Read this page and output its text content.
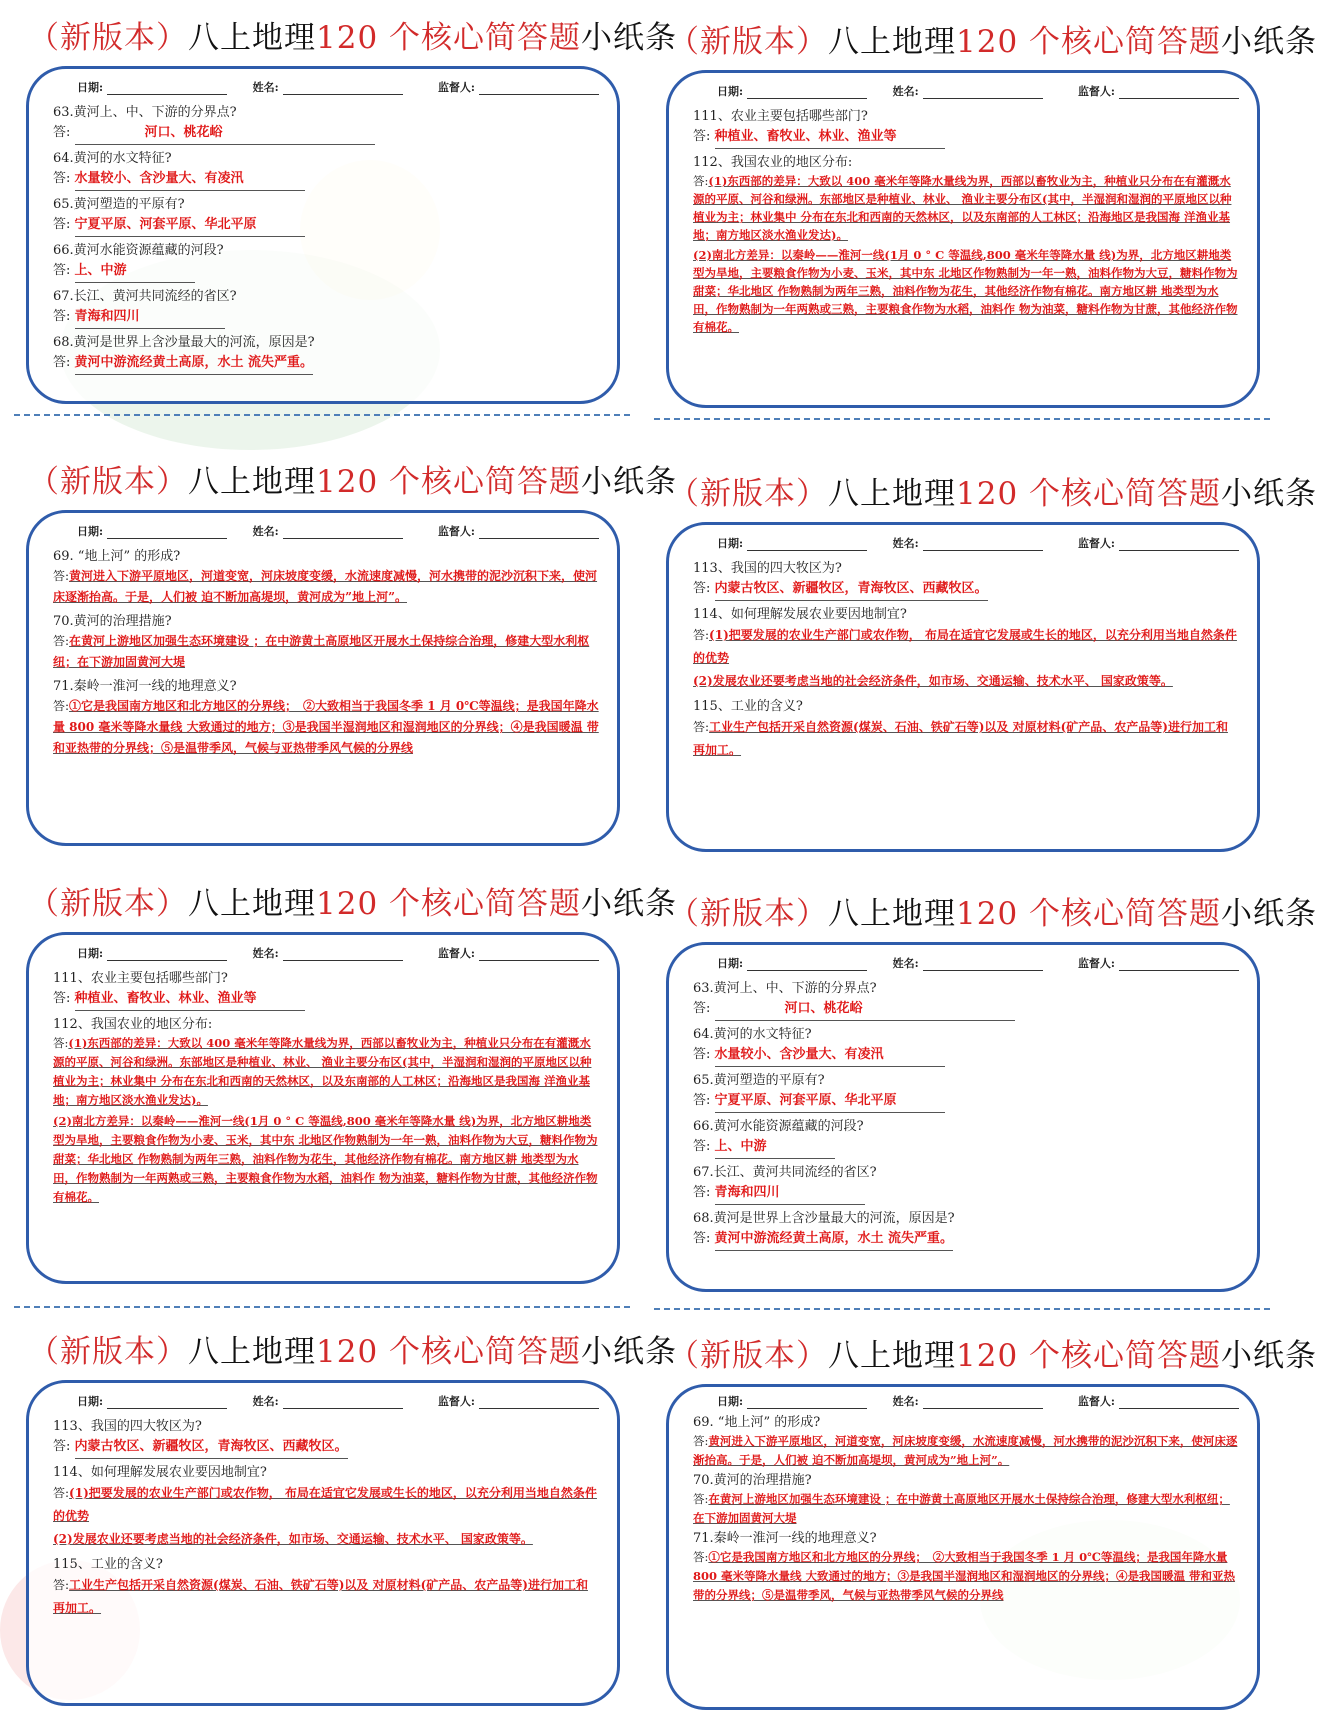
（新版本）八上地理120 个核心简答题小纸条
日期:	姓名:	监督人:
63.黄河上、中、下游的分界点?
答:	河口、桃花峪
64.黄河的水文特征?
答: 水量较小、含沙量大、有凌汛
65.黄河塑造的平原有?
答: 宁夏平原、河套平原、华北平原
66.黄河水能资源蕴藏的河段?
答: 上、中游
67.长江、黄河共同流经的省区?
答: 青海和四川
68.黄河是世界上含沙量最大的河流，原因是?
答: 黄河中游流经黄土高原，水土 流失严重。
（新版本）八上地理120 个核心简答题小纸条
日期:	姓名:	监督人:
111、农业主要包括哪些部门?
答: 种植业、畜牧业、林业、渔业等
112、我国农业的地区分布:
答:(1)东西部的差异：大致以 400 毫米年等降水量线为界，西部以畜牧业为主，种植业只分布在有灌溉水源的平原、河谷和绿洲。东部地区是种植业、林业、 渔业主要分布区(其中，半湿润和湿润的平原地区以种植业为主；林业集中 分布在东北和西南的天然林区，以及东南部的人工林区；沿海地区是我国海 洋渔业基地；南方地区淡水渔业发达)。
(2)南北方差异：以秦岭——淮河一线(1月 0 ° C 等温线,800 毫米年等降水量 线)为界，北方地区耕地类型为旱地，主要粮食作物为小麦、玉米，其中东 北地区作物熟制为一年一熟，油料作物为大豆，糖料作物为甜菜；华北地区 作物熟制为两年三熟，油料作物为花生，其他经济作物有棉花。南方地区耕 地类型为水田，作物熟制为一年两熟或三熟，主要粮食作物为水稻，油料作 物为油菜，糖料作物为甘蔗，其他经济作物有棉花。
（新版本）八上地理120 个核心简答题小纸条
日期:	姓名:	监督人:
69. “地上河” 的形成?
答:黄河进入下游平原地区，河道变宽，河床坡度变缓，水流速度减慢，河水携带的泥沙沉积下来，使河床逐渐抬高。于是，人们被 迫不断加高堤坝，黄河成为”地上河”。
70.黄河的治理措施?
答:在黄河上游地区加强生态环境建设 ；在中游黄土高原地区开展水土保持综合治理，修建大型水利枢纽；在下游加固黄河大堤
71.秦岭一淮河一线的地理意义?
答:①它是我国南方地区和北方地区的分界线；　②大致相当于我国冬季 1 月 0℃等温线；是我国年降水量 800 毫米等降水量线 大致通过的地方；③是我国半湿润地区和湿润地区的分界线；④是我国暖温 带和亚热带的分界线；⑤是温带季风，气候与亚热带季风气候的分界线
（新版本）八上地理120 个核心简答题小纸条
日期:	姓名:	监督人:
113、我国的四大牧区为?
答: 内蒙古牧区、新疆牧区，青海牧区、西藏牧区。
114、如何理解发展农业要因地制宜?
答:(1)把要发展的农业生产部门或农作物， 布局在适宜它发展或生长的地区，以充分利用当地自然条件的优势
(2)发展农业还要考虑当地的社会经济条件，如市场、交通运输、技术水平、 国家政策等。
115、工业的含义?
答:工业生产包括开采自然资源(煤炭、石油、铁矿石等)以及 对原材料(矿产品、农产品等)进行加工和再加工。
（新版本）八上地理120 个核心简答题小纸条
日期:	姓名:	监督人:
111、农业主要包括哪些部门?
答: 种植业、畜牧业、林业、渔业等
112、我国农业的地区分布:
答:(1)东西部的差异：大致以 400 毫米年等降水量线为界，西部以畜牧业为主，种植业只分布在有灌溉水源的平原、河谷和绿洲。东部地区是种植业、林业、 渔业主要分布区(其中，半湿润和湿润的平原地区以种植业为主；林业集中 分布在东北和西南的天然林区，以及东南部的人工林区；沿海地区是我国海 洋渔业基地；南方地区淡水渔业发达)。
(2)南北方差异：以秦岭——淮河一线(1月 0 ° C 等温线,800 毫米年等降水量 线)为界，北方地区耕地类型为旱地，主要粮食作物为小麦、玉米，其中东 北地区作物熟制为一年一熟，油料作物为大豆，糖料作物为甜菜；华北地区 作物熟制为两年三熟，油料作物为花生，其他经济作物有棉花。南方地区耕 地类型为水田，作物熟制为一年两熟或三熟，主要粮食作物为水稻，油料作 物为油菜，糖料作物为甘蔗，其他经济作物有棉花。
（新版本）八上地理120 个核心简答题小纸条
日期:	姓名:	监督人:
63.黄河上、中、下游的分界点?
答:	河口、桃花峪
64.黄河的水文特征?
答: 水量较小、含沙量大、有凌汛
65.黄河塑造的平原有?
答: 宁夏平原、河套平原、华北平原
66.黄河水能资源蕴藏的河段?
答: 上、中游
67.长江、黄河共同流经的省区?
答: 青海和四川
68.黄河是世界上含沙量最大的河流，原因是?
答: 黄河中游流经黄土高原，水土 流失严重。
（新版本）八上地理120 个核心简答题小纸条
日期:	姓名:	监督人:
113、我国的四大牧区为?
答: 内蒙古牧区、新疆牧区，青海牧区、西藏牧区。
114、如何理解发展农业要因地制宜?
答:(1)把要发展的农业生产部门或农作物， 布局在适宜它发展或生长的地区，以充分利用当地自然条件的优势
(2)发展农业还要考虑当地的社会经济条件，如市场、交通运输、技术水平、 国家政策等。
115、工业的含义?
答:工业生产包括开采自然资源(煤炭、石油、铁矿石等)以及 对原材料(矿产品、农产品等)进行加工和再加工。
（新版本）八上地理120 个核心简答题小纸条
日期:	姓名:	监督人:
69. “地上河” 的形成?
答:黄河进入下游平原地区，河道变宽，河床坡度变缓，水流速度减慢，河水携带的泥沙沉积下来，使河床逐渐抬高。于是，人们被 迫不断加高堤坝，黄河成为”地上河”。
70.黄河的治理措施?
答:在黄河上游地区加强生态环境建设 ；在中游黄土高原地区开展水土保持综合治理，修建大型水利枢纽；在下游加固黄河大堤
71.秦岭一淮河一线的地理意义?
答:①它是我国南方地区和北方地区的分界线；　②大致相当于我国冬季 1 月 0℃等温线；是我国年降水量 800 毫米等降水量线 大致通过的地方；③是我国半湿润地区和湿润地区的分界线；④是我国暖温 带和亚热带的分界线；⑤是温带季风，气候与亚热带季风气候的分界线
